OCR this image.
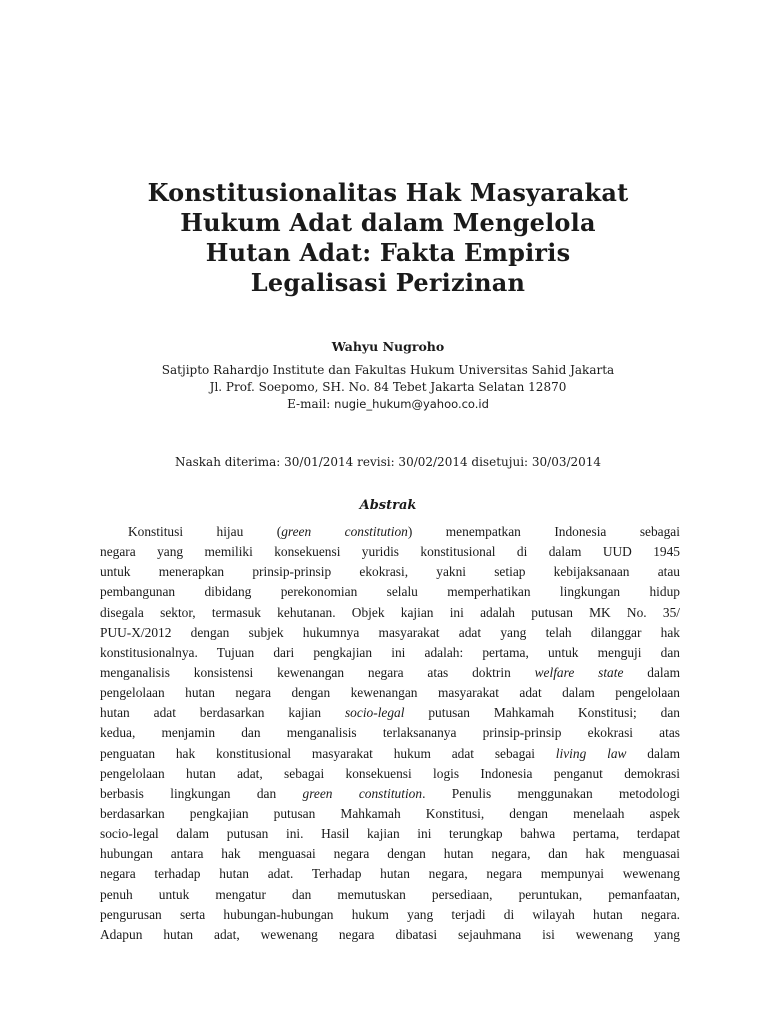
Konstitusionalitas Hak Masyarakat
Hukum Adat dalam Mengelola
Hutan Adat: Fakta Empiris
Legalisasi Perizinan
Wahyu Nugroho
Satjipto Rahardjo Institute dan Fakultas Hukum Universitas Sahid Jakarta
Jl. Prof. Soepomo, SH. No. 84 Tebet Jakarta Selatan 12870
E-mail: nugie_hukum@yahoo.co.id
Naskah diterima: 30/01/2014 revisi: 30/02/2014 disetujui: 30/03/2014
Abstrak
Konstitusi hijau (green constitution) menempatkan Indonesia sebagai
negara yang memiliki konsekuensi yuridis konstitusional di dalam UUD 1945
untuk menerapkan prinsip-prinsip ekokrasi, yakni setiap kebijaksanaan atau
pembangunan dibidang perekonomian selalu memperhatikan lingkungan hidup
disegala sektor, termasuk kehutanan. Objek kajian ini adalah putusan MK No. 35/
PUU-X/2012 dengan subjek hukumnya masyarakat adat yang telah dilanggar hak
konstitusionalnya. Tujuan dari pengkajian ini adalah: pertama, untuk menguji dan
menganalisis konsistensi kewenangan negara atas doktrin welfare state dalam
pengelolaan hutan negara dengan kewenangan masyarakat adat dalam pengelolaan
hutan adat berdasarkan kajian socio-legal putusan Mahkamah Konstitusi; dan
kedua, menjamin dan menganalisis terlaksananya prinsip-prinsip ekokrasi atas
penguatan hak konstitusional masyarakat hukum adat sebagai living law dalam
pengelolaan hutan adat, sebagai konsekuensi logis Indonesia penganut demokrasi
berbasis lingkungan dan green constitution. Penulis menggunakan metodologi
berdasarkan pengkajian putusan Mahkamah Konstitusi, dengan menelaah aspek
socio-legal dalam putusan ini. Hasil kajian ini terungkap bahwa pertama, terdapat
hubungan antara hak menguasai negara dengan hutan negara, dan hak menguasai
negara terhadap hutan adat. Terhadap hutan negara, negara mempunyai wewenang
penuh untuk mengatur dan memutuskan persediaan, peruntukan, pemanfaatan,
pengurusan serta hubungan-hubungan hukum yang terjadi di wilayah hutan negara.
Adapun hutan adat, wewenang negara dibatasi sejauhmana isi wewenang yang
